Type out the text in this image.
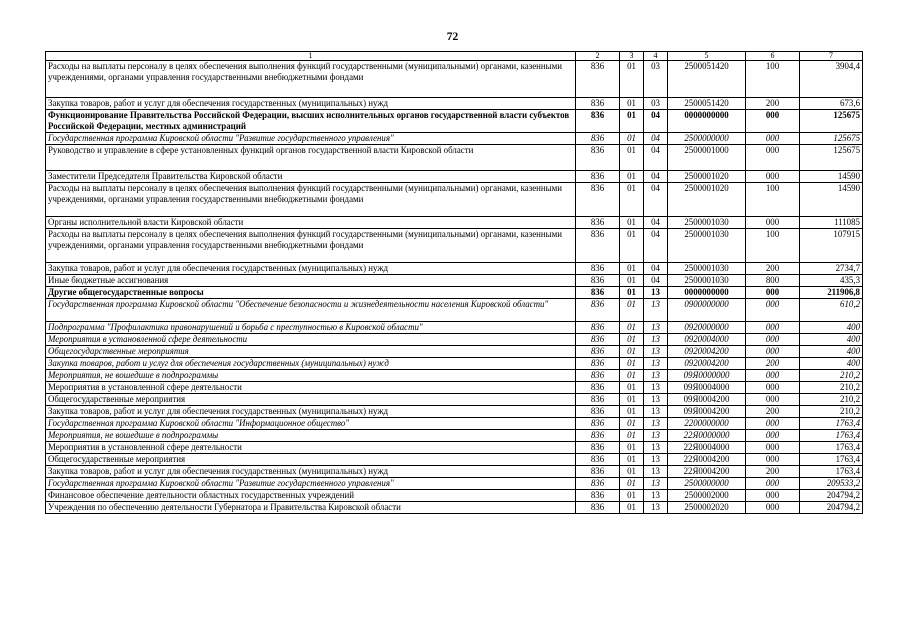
72
1	2	3	4	5	6	7
Расходы на выплаты персоналу в целях обеспечения выполнения функций государственными (муниципальными) органами, казенными учреждениями, органами управления государственными внебюджетными фондами	836	01	03	2500051420	100	3904,4
Закупка товаров, работ и услуг для обеспечения государственных (муниципальных) нужд	836	01	03	2500051420	200	673,6
Функционирование Правительства Российской Федерации, высших исполнительных органов государственной власти субъектов Российской Федерации, местных администраций	836	01	04	0000000000	000	125675
Государственная программа Кировской области "Развитие государственного управления"	836	01	04	2500000000	000	125675
Руководство и управление в сфере установленных функций органов государственной власти Кировской области	836	01	04	2500001000	000	125675
Заместители Председателя Правительства Кировской области	836	01	04	2500001020	000	14590
Расходы на выплаты персоналу в целях обеспечения выполнения функций государственными (муниципальными) органами, казенными учреждениями, органами управления государственными внебюджетными фондами	836	01	04	2500001020	100	14590
Органы исполнительной власти Кировской области	836	01	04	2500001030	000	111085
Расходы на выплаты персоналу в целях обеспечения выполнения функций государственными (муниципальными) органами, казенными учреждениями, органами управления государственными внебюджетными фондами	836	01	04	2500001030	100	107915
Закупка товаров, работ и услуг для обеспечения государственных (муниципальных) нужд	836	01	04	2500001030	200	2734,7
Иные бюджетные ассигнования	836	01	04	2500001030	800	435,3
Другие общегосударственные вопросы	836	01	13	0000000000	000	211906,8
Государственная программа Кировской области "Обеспечение безопасности и жизнедеятельности населения Кировской области"	836	01	13	0900000000	000	610,2
Подпрограмма "Профилактика правонарушений и борьба с преступностью в Кировской области"	836	01	13	0920000000	000	400
Мероприятия в установленной сфере деятельности	836	01	13	0920004000	000	400
Общегосударственные мероприятия	836	01	13	0920004200	000	400
Закупка товаров, работ и услуг для обеспечения государственных (муниципальных) нужд	836	01	13	0920004200	200	400
Мероприятия, не вошедшие в подпрограммы	836	01	13	09Я0000000	000	210,2
Мероприятия в установленной сфере деятельности	836	01	13	09Я0004000	000	210,2
Общегосударственные мероприятия	836	01	13	09Я0004200	000	210,2
Закупка товаров, работ и услуг для обеспечения государственных (муниципальных) нужд	836	01	13	09Я0004200	200	210,2
Государственная программа Кировской области "Информационное общество"	836	01	13	2200000000	000	1763,4
Мероприятия, не вошедшие в подпрограммы	836	01	13	22Я0000000	000	1763,4
Мероприятия в установленной сфере деятельности	836	01	13	22Я0004000	000	1763,4
Общегосударственные мероприятия	836	01	13	22Я0004200	000	1763,4
Закупка товаров, работ и услуг для обеспечения государственных (муниципальных) нужд	836	01	13	22Я0004200	200	1763,4
Государственная программа Кировской области "Развитие государственного управления"	836	01	13	2500000000	000	209533,2
Финансовое обеспечение деятельности областных государственных учреждений	836	01	13	2500002000	000	204794,2
Учреждения по обеспечению деятельности Губернатора и Правительства Кировской области	836	01	13	2500002020	000	204794,2
